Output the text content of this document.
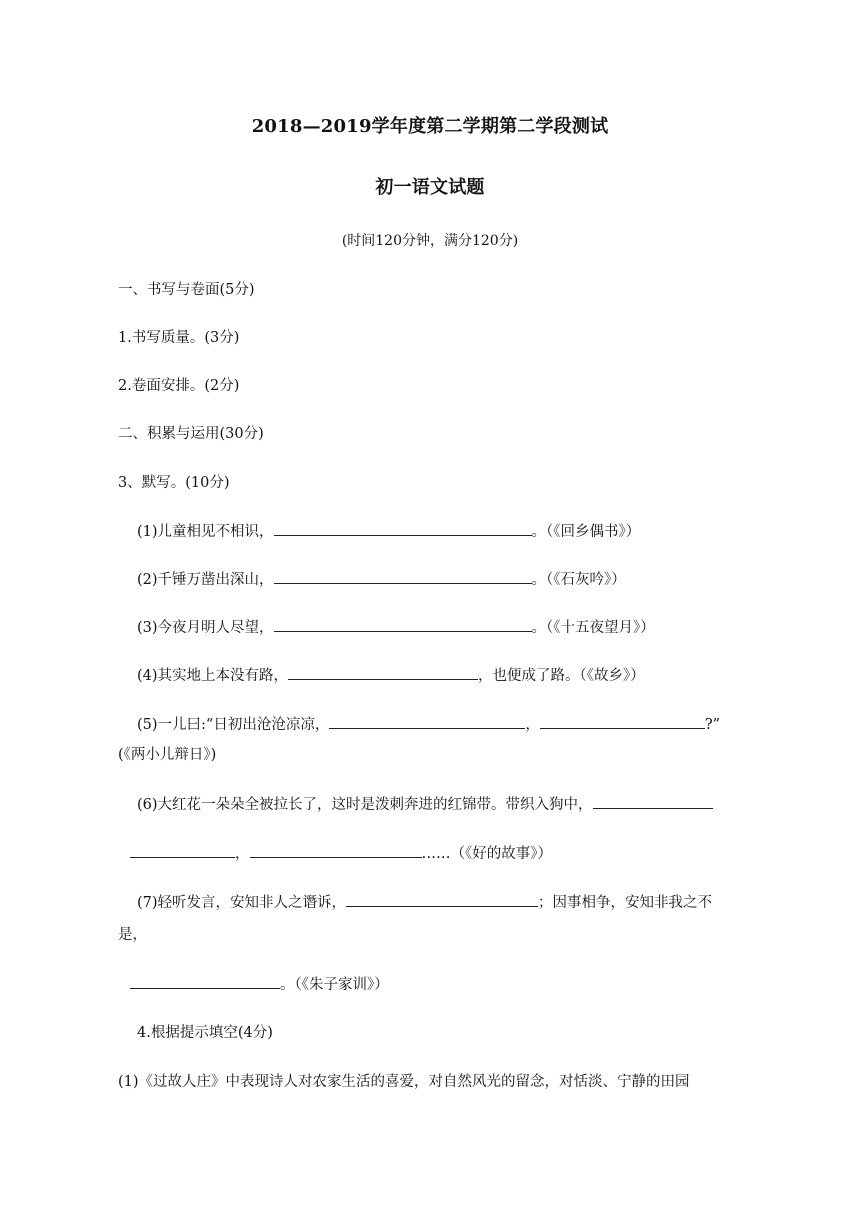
2018—2019学年度第二学期第二学段测试
初一语文试题
(时间120分钟，满分120分)
一、书写与卷面(5分)
1.书写质量。(3分)
2.卷面安排。(2分)
二、积累与运用(30分)
3、默写。(10分)
(1)儿童相见不相识，	。（《回乡偶书》）
(2)千锤万凿出深山，	。（《石灰吟》）
(3)今夜月明人尽望，	。（《十五夜望月》）
(4)其实地上本没有路，	，也便成了路。（《故乡》）
(5)一儿曰:“日初出沧沧凉凉，	，	?”
(《两小儿辩日》)
(6)大红花一朵朵全被拉长了，这时是泼刺奔进的红锦带。带织入狗中，
，	……（《好的故事》）
(7)轻听发言，安知非人之谮诉，	；因事相争，安知非我之不
是，
。（《朱子家训》）
4.根据提示填空(4分)
(1)《过故人庄》中表现诗人对农家生活的喜爱，对自然风光的留念，对恬淡、宁静的田园
